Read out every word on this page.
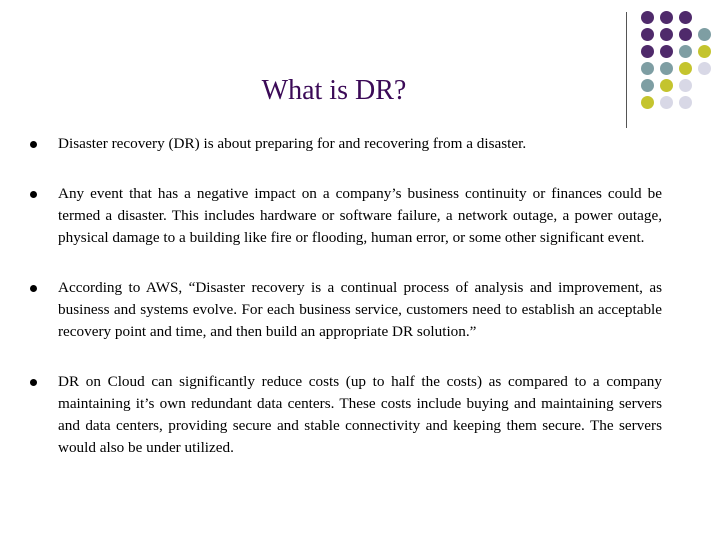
What is DR?
Disaster recovery (DR) is about preparing for and recovering from a disaster.
Any event that has a negative impact on a company’s business continuity or finances could be termed a disaster. This includes hardware or software failure, a network outage, a power outage, physical damage to a building like fire or flooding, human error, or some other significant event.
According to AWS, “Disaster recovery is a continual process of analysis and improvement, as business and systems evolve. For each business service, customers need to establish an acceptable recovery point and time, and then build an appropriate DR solution.”
DR on Cloud can significantly reduce costs (up to half the costs) as compared to a company maintaining it’s own redundant data centers. These costs include buying and maintaining servers and data centers, providing secure and stable connectivity and keeping them secure. The servers would also be under utilized.
